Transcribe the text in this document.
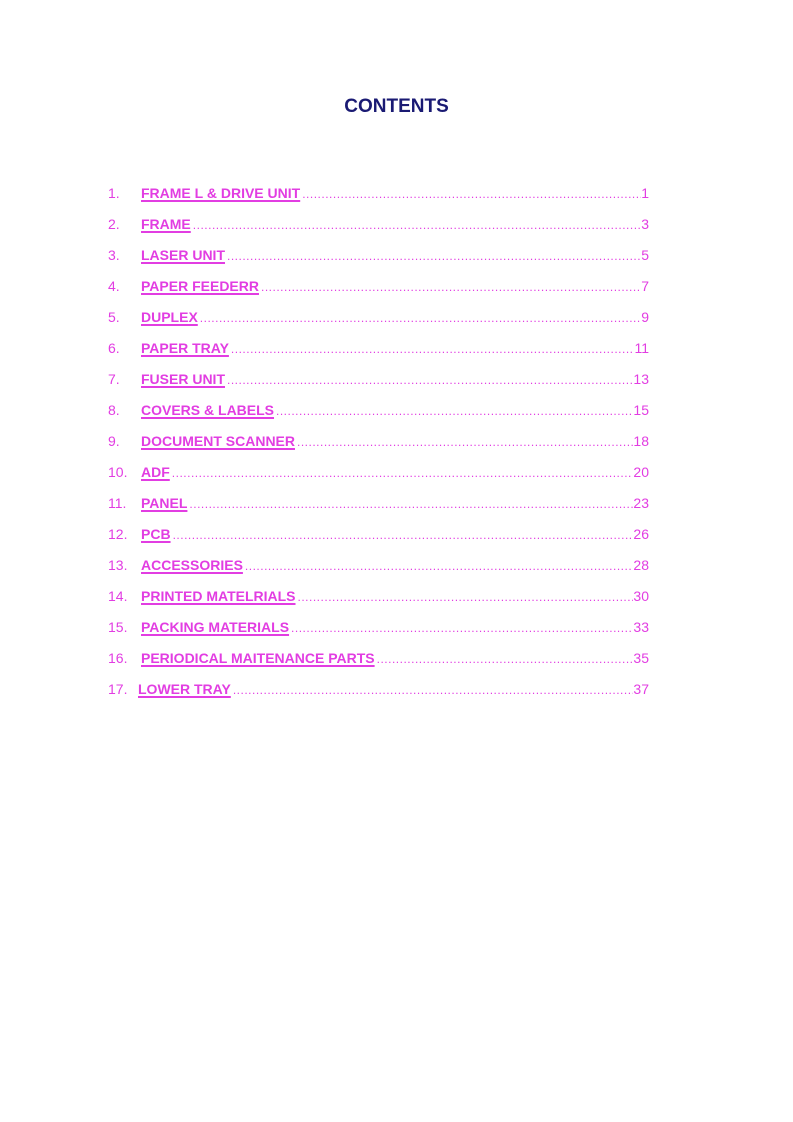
CONTENTS
1.	FRAME L & DRIVE UNIT .....	1
2.	FRAME .....	3
3.	LASER UNIT .....	5
4.	PAPER FEEDERR .....	7
5.	DUPLEX .....	9
6.	PAPER TRAY .....	11
7.	FUSER UNIT .....	13
8.	COVERS & LABELS .....	15
9.	DOCUMENT SCANNER .....	18
10. ADF .....	20
11.	PANEL .....	23
12. PCB .....	26
13. ACCESSORIES .....	28
14. PRINTED MATELRIALS .....	30
15. PACKING MATERIALS .....	33
16. PERIODICAL MAITENANCE PARTS .....	35
17. LOWER TRAY .....	37
